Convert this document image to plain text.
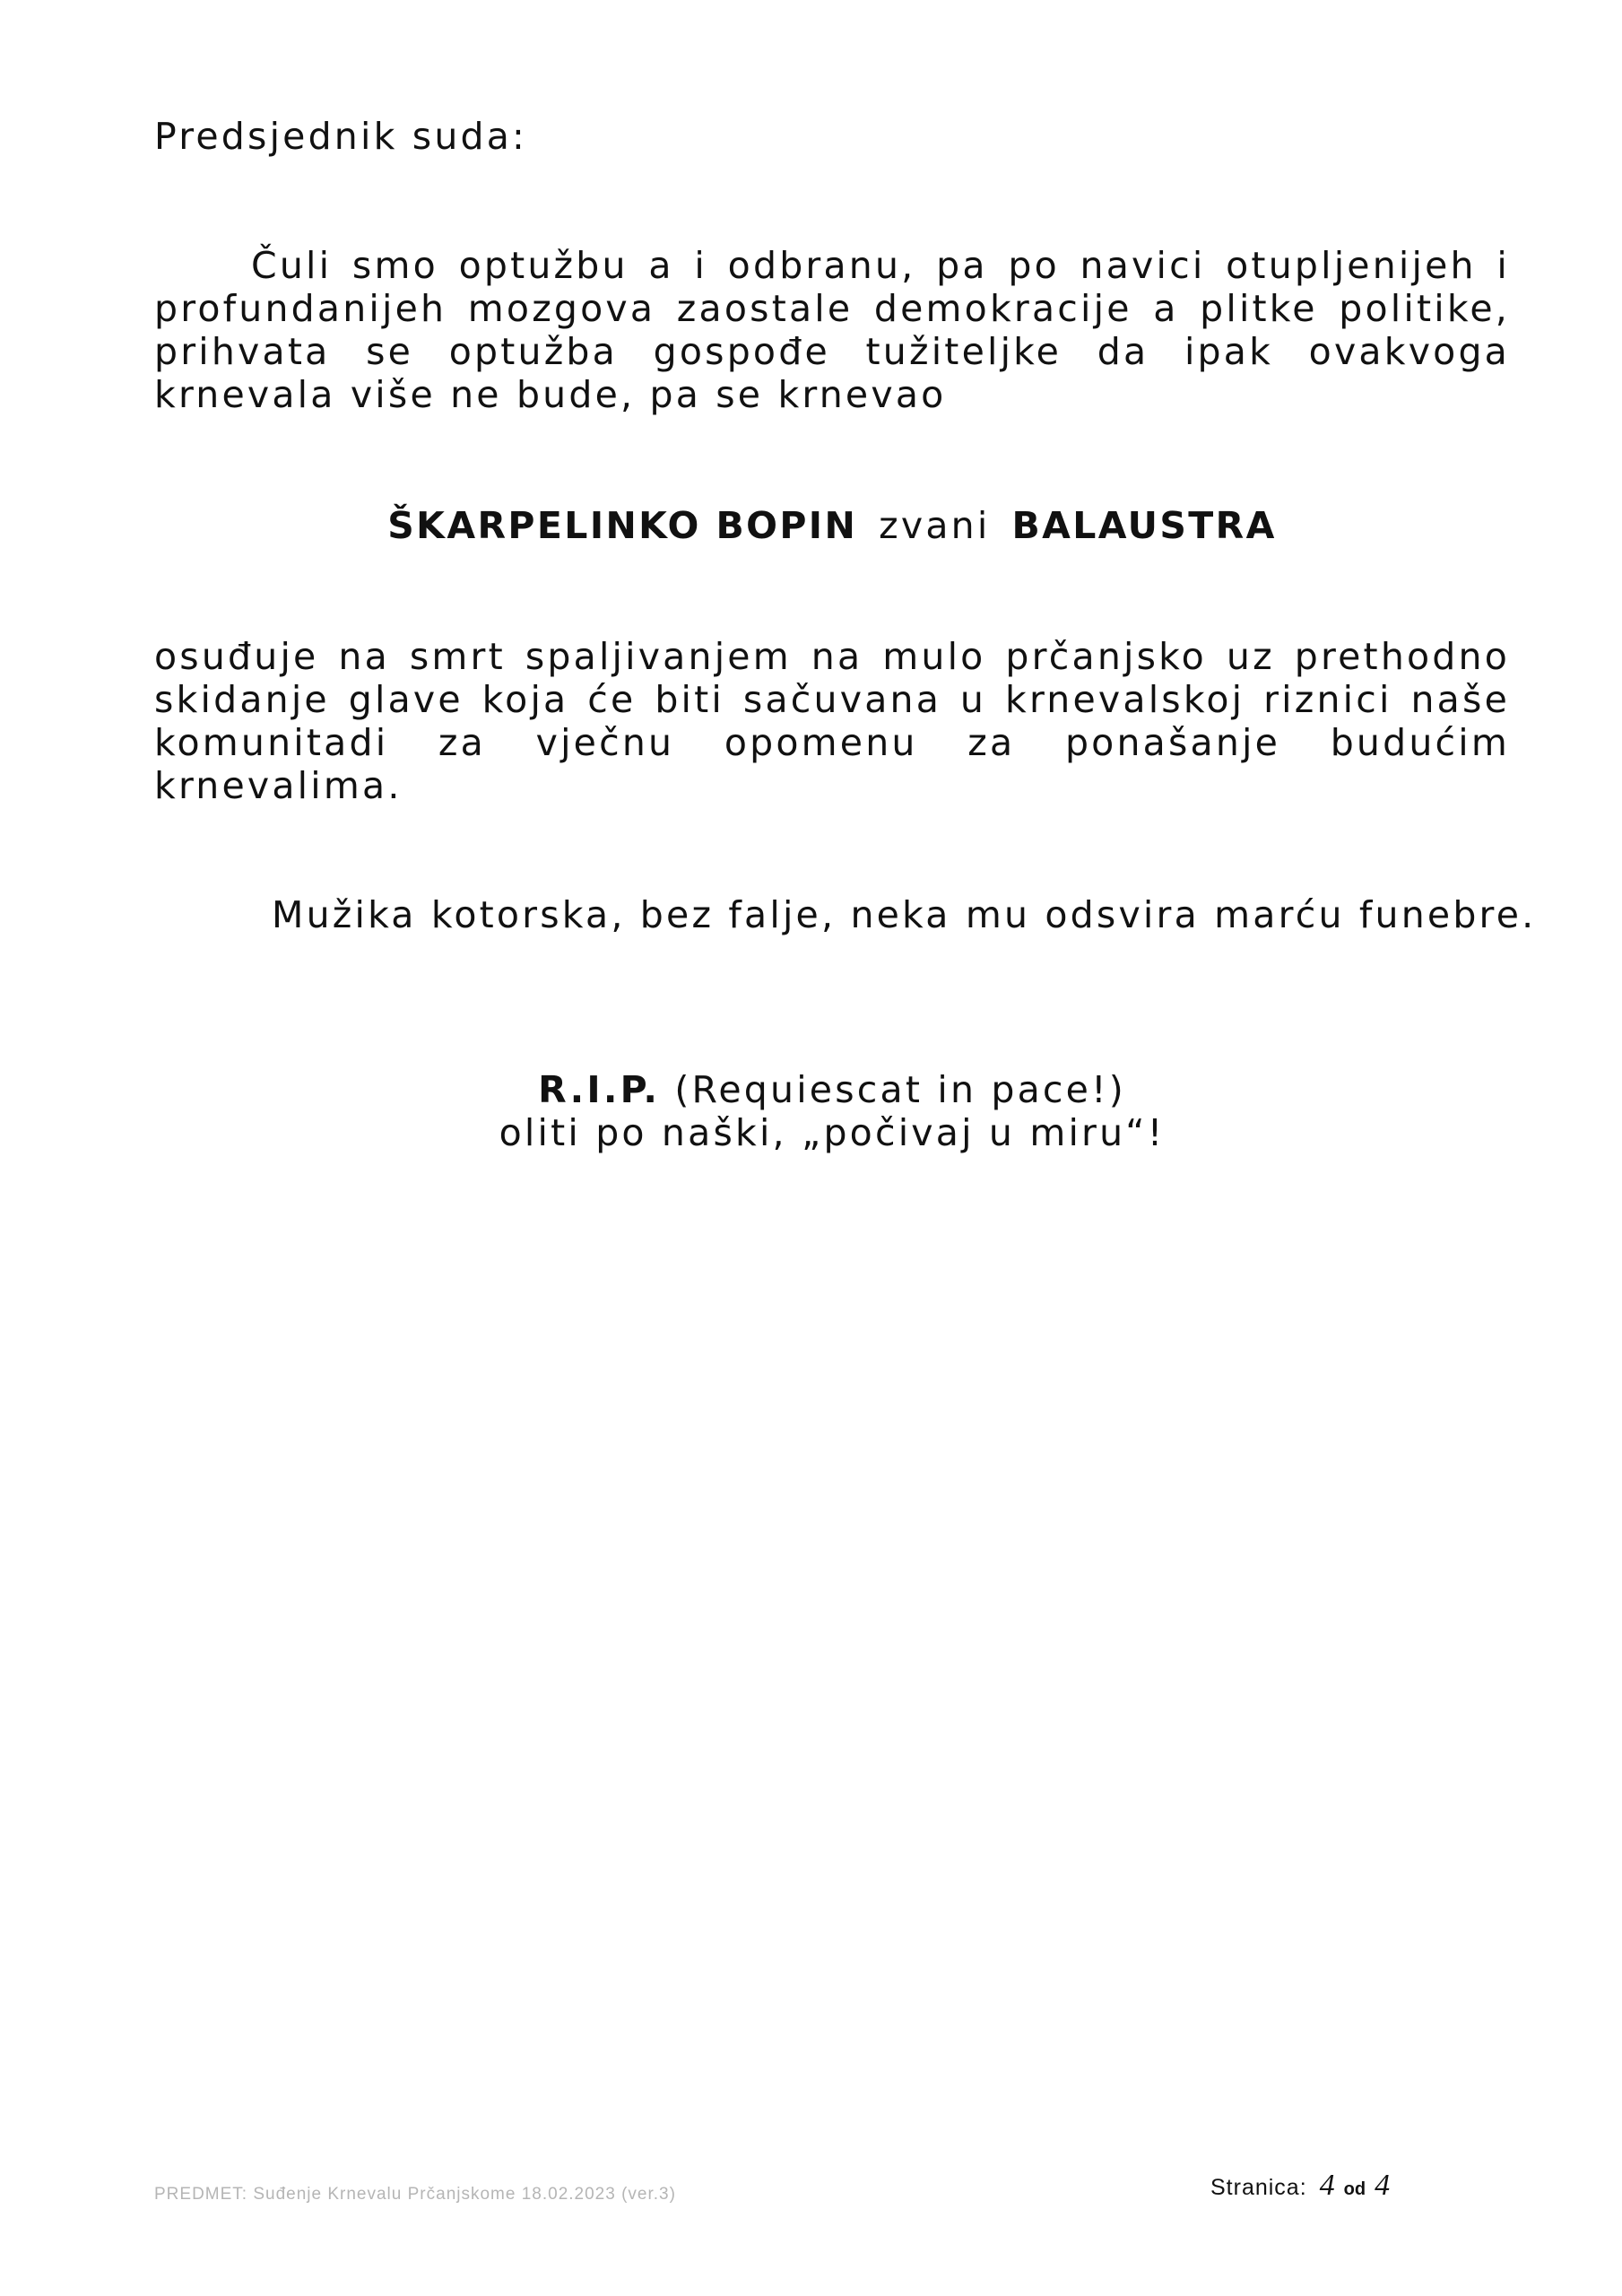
Predsjednik suda:
Čuli smo optužbu a i odbranu, pa po navici otupljenijeh i profundanijeh mozgova zaostale demokracije a plitke politike, prihvata se optužba gospođe tužiteljke da ipak ovakvoga krnevala više ne bude, pa se krnevao
ŠKARPELINKO BOPIN zvani BALAUSTRA
osuđuje na smrt spaljivanjem na mulo prčanjsko uz prethodno skidanje glave koja će biti sačuvana u krnevalskoj riznici naše komunitadi za vječnu opomenu za ponašanje budućim krnevalima.
Mužika kotorska, bez falje, neka mu odsvira marću funebre.
R.I.P. (Requiescat in pace!)
oliti po naški, „počivaj u miru“!
PREDMET: Suđenje Krnevalu Prčanjskome 18.02.2023 (ver.3)	Stranica: 4 od 4
